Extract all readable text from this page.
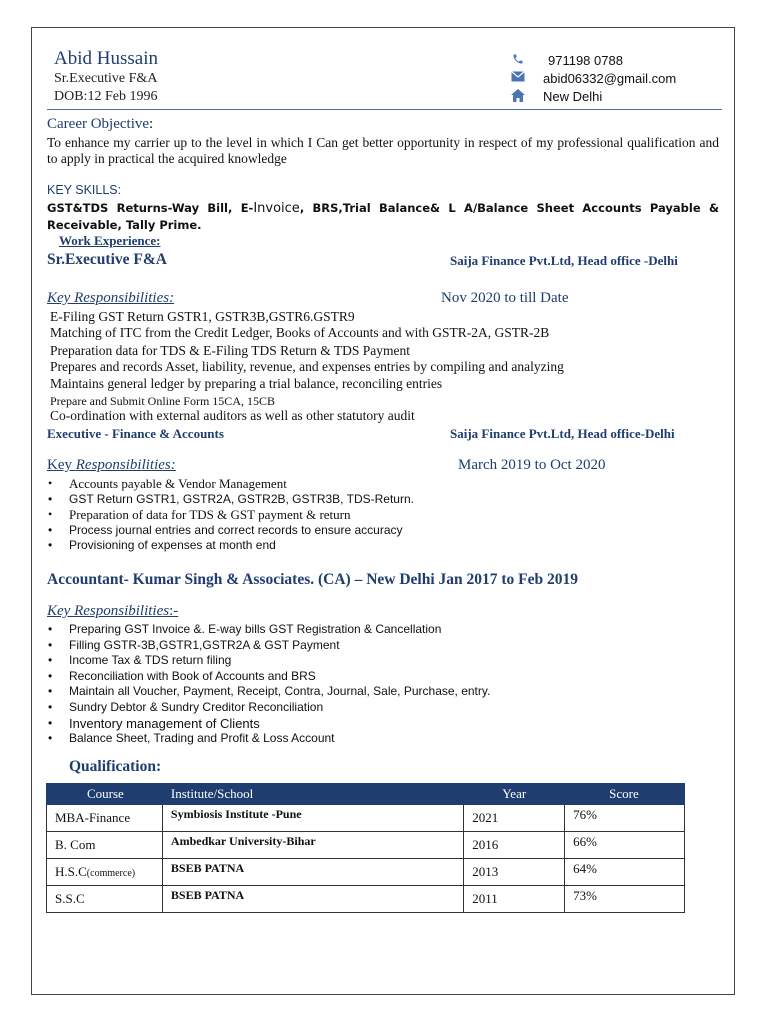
Abid Hussain
Sr.Executive F&A
DOB:12 Feb 1996
971198 0788
abid06332@gmail.com
New Delhi
Career Objective:
To enhance my carrier up to the level in which I Can get better opportunity in respect of my professional qualification and to apply in practical the acquired knowledge
KEY SKILLS:
GST&TDS Returns-Way Bill, E-Invoice, BRS,Trial Balance& L A/Balance Sheet Accounts Payable & Receivable, Tally Prime.
Work Experience:
Sr.Executive F&A	Saija Finance Pvt.Ltd, Head office -Delhi
Key Responsibilities:	Nov 2020 to till Date
E-Filing GST Return GSTR1, GSTR3B,GSTR6.GSTR9
Matching of ITC from the Credit Ledger, Books of Accounts and with GSTR-2A, GSTR-2B
Preparation data for TDS & E-Filing TDS Return & TDS Payment
Prepares and records Asset, liability, revenue, and expenses entries by compiling and analyzing
Maintains general ledger by preparing a trial balance, reconciling entries
Prepare and Submit Online Form 15CA, 15CB
Co-ordination with external auditors as well as other statutory audit
Executive - Finance & Accounts	Saija Finance Pvt.Ltd, Head office-Delhi
Key Responsibilities:	March 2019 to Oct 2020
• Accounts payable & Vendor Management
• GST Return GSTR1, GSTR2A, GSTR2B, GSTR3B, TDS-Return.
• Preparation of data for TDS & GST payment & return
• Process journal entries and correct records to ensure accuracy
• Provisioning of expenses at month end
Accountant- Kumar Singh & Associates. (CA) – New Delhi Jan 2017 to Feb 2019
Key Responsibilities:-
• Preparing GST Invoice &. E-way bills GST Registration & Cancellation
• Filling GSTR-3B,GSTR1,GSTR2A & GST Payment
• Income Tax & TDS return filing
• Reconciliation with Book of Accounts and BRS
• Maintain all Voucher, Payment, Receipt, Contra, Journal, Sale, Purchase, entry.
• Sundry Debtor & Sundry Creditor Reconciliation
• Inventory management of Clients
• Balance Sheet, Trading and Profit & Loss Account
Qualification:
Course	Institute/School	Year	Score
MBA-Finance	Symbiosis Institute -Pune	2021	76%
B. Com	Ambedkar University-Bihar	2016	66%
H.S.C(commerce)	BSEB PATNA	2013	64%
S.S.C	BSEB PATNA	2011	73%
